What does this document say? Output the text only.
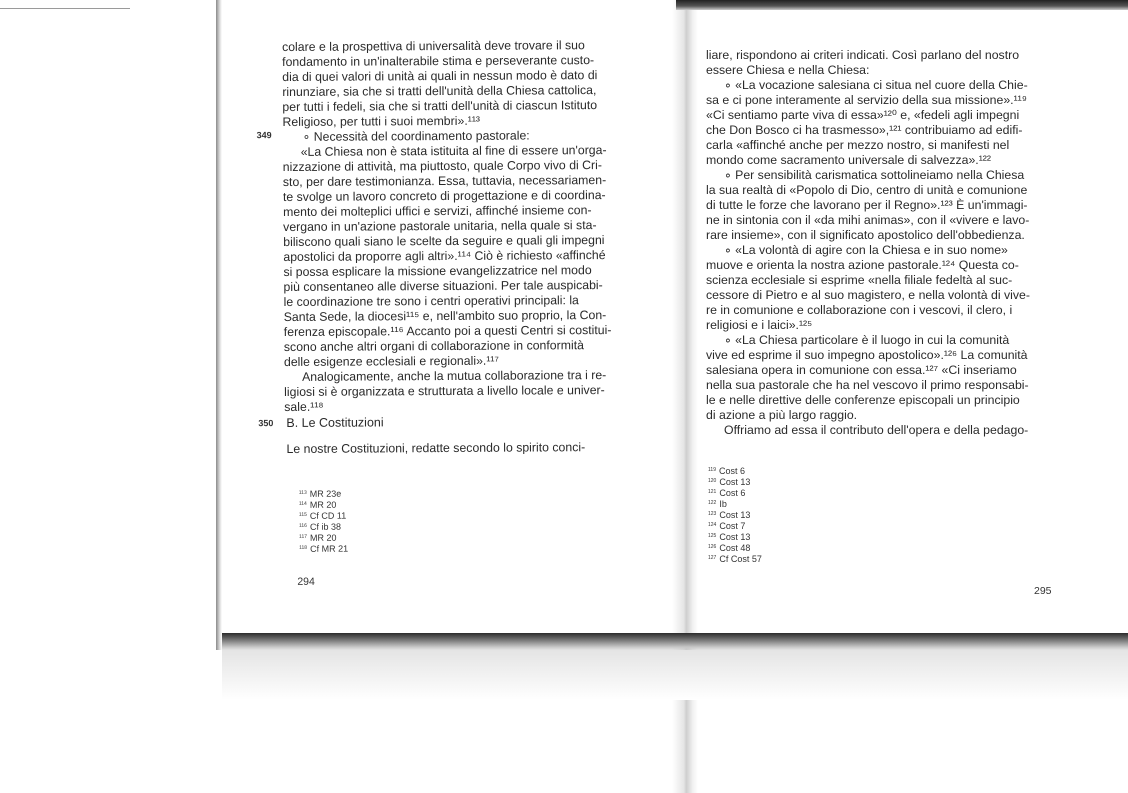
colare e la prospettiva di universalità deve trovare il suo
fondamento in un'inalterabile stima e perseverante custo-
dia di quei valori di unità ai quali in nessun modo è dato di
rinunziare, sia che si tratti dell'unità della Chiesa cattolica,
per tutti i fedeli, sia che si tratti dell'unità di ciascun Istituto
Religioso, per tutti i suoi membri».¹¹³
349	∘ Necessità del coordinamento pastorale:
«La Chiesa non è stata istituita al fine di essere un'orga-
nizzazione di attività, ma piuttosto, quale Corpo vivo di Cri-
sto, per dare testimonianza. Essa, tuttavia, necessariamen-
te svolge un lavoro concreto di progettazione e di coordina-
mento dei molteplici uffici e servizi, affinché insieme con-
vergano in un'azione pastorale unitaria, nella quale si sta-
biliscono quali siano le scelte da seguire e quali gli impegni
apostolici da proporre agli altri».¹¹⁴ Ciò è richiesto «affinché
si possa esplicare la missione evangelizzatrice nel modo
più consentaneo alle diverse situazioni. Per tale auspicabi-
le coordinazione tre sono i centri operativi principali: la
Santa Sede, la diocesi¹¹⁵ e, nell'ambito suo proprio, la Con-
ferenza episcopale.¹¹⁶ Accanto poi a questi Centri si costitui-
scono anche altri organi di collaborazione in conformità
delle esigenze ecclesiali e regionali».¹¹⁷
Analogicamente, anche la mutua collaborazione tra i re-
ligiosi si è organizzata e strutturata a livello locale e univer-
sale.¹¹⁸
350 B. Le Costituzioni
Le nostre Costituzioni, redatte secondo lo spirito conci-
$^{113}$ MR 23e
$^{114}$ MR 20
$^{115}$ Cf CD 11
$^{116}$ Cf ib 38
$^{117}$ MR 20
$^{118}$ Cf MR 21
294
liare, rispondono ai criteri indicati. Così parlano del nostro
essere Chiesa e nella Chiesa:
∘ «La vocazione salesiana ci situa nel cuore della Chie-
sa e ci pone interamente al servizio della sua missione».¹¹⁹
«Ci sentiamo parte viva di essa»¹²⁰ e, «fedeli agli impegni
che Don Bosco ci ha trasmesso»,¹²¹ contribuiamo ad edifi-
carla «affinché anche per mezzo nostro, si manifesti nel
mondo come sacramento universale di salvezza».¹²²
∘ Per sensibilità carismatica sottolineiamo nella Chiesa
la sua realtà di «Popolo di Dio, centro di unità e comunione
di tutte le forze che lavorano per il Regno».¹²³ È un'immagi-
ne in sintonia con il «da mihi animas», con il «vivere e lavo-
rare insieme», con il significato apostolico dell'obbedienza.
∘ «La volontà di agire con la Chiesa e in suo nome»
muove e orienta la nostra azione pastorale.¹²⁴ Questa co-
scienza ecclesiale si esprime «nella filiale fedeltà al suc-
cessore di Pietro e al suo magistero, e nella volontà di vive-
re in comunione e collaborazione con i vescovi, il clero, i
religiosi e i laici».¹²⁵
∘ «La Chiesa particolare è il luogo in cui la comunità
vive ed esprime il suo impegno apostolico».¹²⁶ La comunità
salesiana opera in comunione con essa.¹²⁷ «Ci inseriamo
nella sua pastorale che ha nel vescovo il primo responsabi-
le e nelle direttive delle conferenze episcopali un principio
di azione a più largo raggio.
Offriamo ad essa il contributo dell'opera e della pedago-
$^{119}$ Cost 6
$^{120}$ Cost 13
$^{121}$ Cost 6
$^{122}$ Ib
$^{123}$ Cost 13
$^{124}$ Cost 7
$^{125}$ Cost 13
$^{126}$ Cost 48
$^{127}$ Cf Cost 57
295
